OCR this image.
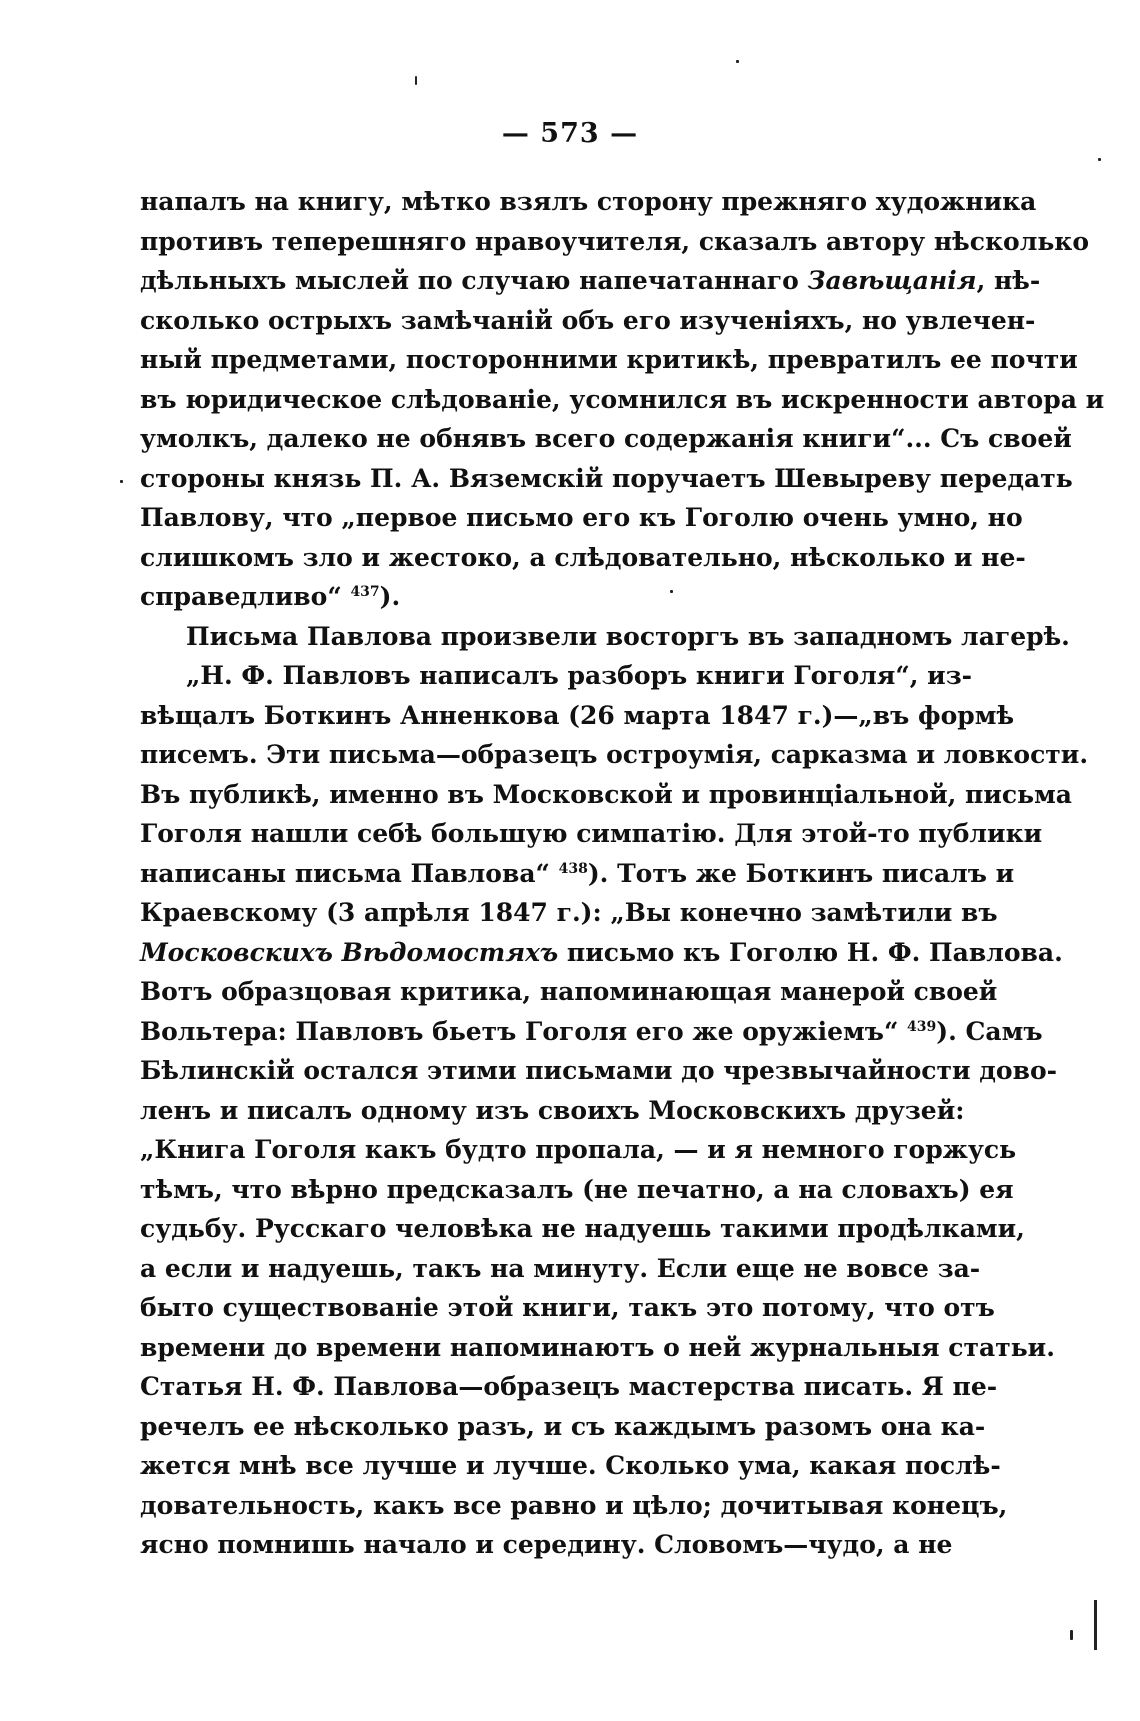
— 573 —
напалъ на книгу, мѣтко взялъ сторону прежняго художника
противъ теперешняго нравоучителя, сказалъ автору нѣсколько
дѣльныхъ мыслей по случаю напечатаннаго Завѣщанія, нѣ-
сколько острыхъ замѣчаній объ его изученіяхъ, но увлечен-
ный предметами, посторонними критикѣ, превратилъ ее почти
въ юридическое слѣдованіе, усомнился въ искренности автора и
умолкъ, далеко не обнявъ всего содержанія книги“... Съ своей
стороны князь П. А. Вяземскій поручаетъ Шевыреву передать
Павлову, что „первое письмо его къ Гоголю очень умно, но
слишкомъ зло и жестоко, а слѣдовательно, нѣсколько и не-
справедливо“ $^{437}$).
Письма Павлова произвели восторгъ въ западномъ лагерѣ.
„Н. Ф. Павловъ написалъ разборъ книги Гоголя“, из-
вѣщалъ Боткинъ Анненкова (26 марта 1847 г.)—„въ формѣ
писемъ. Эти письма—образецъ остроумія, сарказма и ловкости.
Въ публикѣ, именно въ Московской и провинціальной, письма
Гоголя нашли себѣ большую симпатію. Для этой-то публики
написаны письма Павлова“ $^{438}$). Тотъ же Боткинъ писалъ и
Краевскому (3 апрѣля 1847 г.): „Вы конечно замѣтили въ
Московскихъ Вѣдомостяхъ письмо къ Гоголю Н. Ф. Павлова.
Вотъ образцовая критика, напоминающая манерой своей
Вольтера: Павловъ бьетъ Гоголя его же оружіемъ“ $^{439}$). Самъ
Бѣлинскій остался этими письмами до чрезвычайности дово-
ленъ и писалъ одному изъ своихъ Московскихъ друзей:
„Книга Гоголя какъ будто пропала, — и я немного горжусь
тѣмъ, что вѣрно предсказалъ (не печатно, а на словахъ) ея
судьбу. Русскаго человѣка не надуешь такими продѣлками,
а если и надуешь, такъ на минуту. Если еще не вовсе за-
быто существованіе этой книги, такъ это потому, что отъ
времени до времени напоминаютъ о ней журнальныя статьи.
Статья Н. Ф. Павлова—образецъ мастерства писать. Я пе-
речелъ ее нѣсколько разъ, и съ каждымъ разомъ она ка-
жется мнѣ все лучше и лучше. Сколько ума, какая послѣ-
довательность, какъ все равно и цѣло; дочитывая конецъ,
ясно помнишь начало и середину. Словомъ—чудо, а не
